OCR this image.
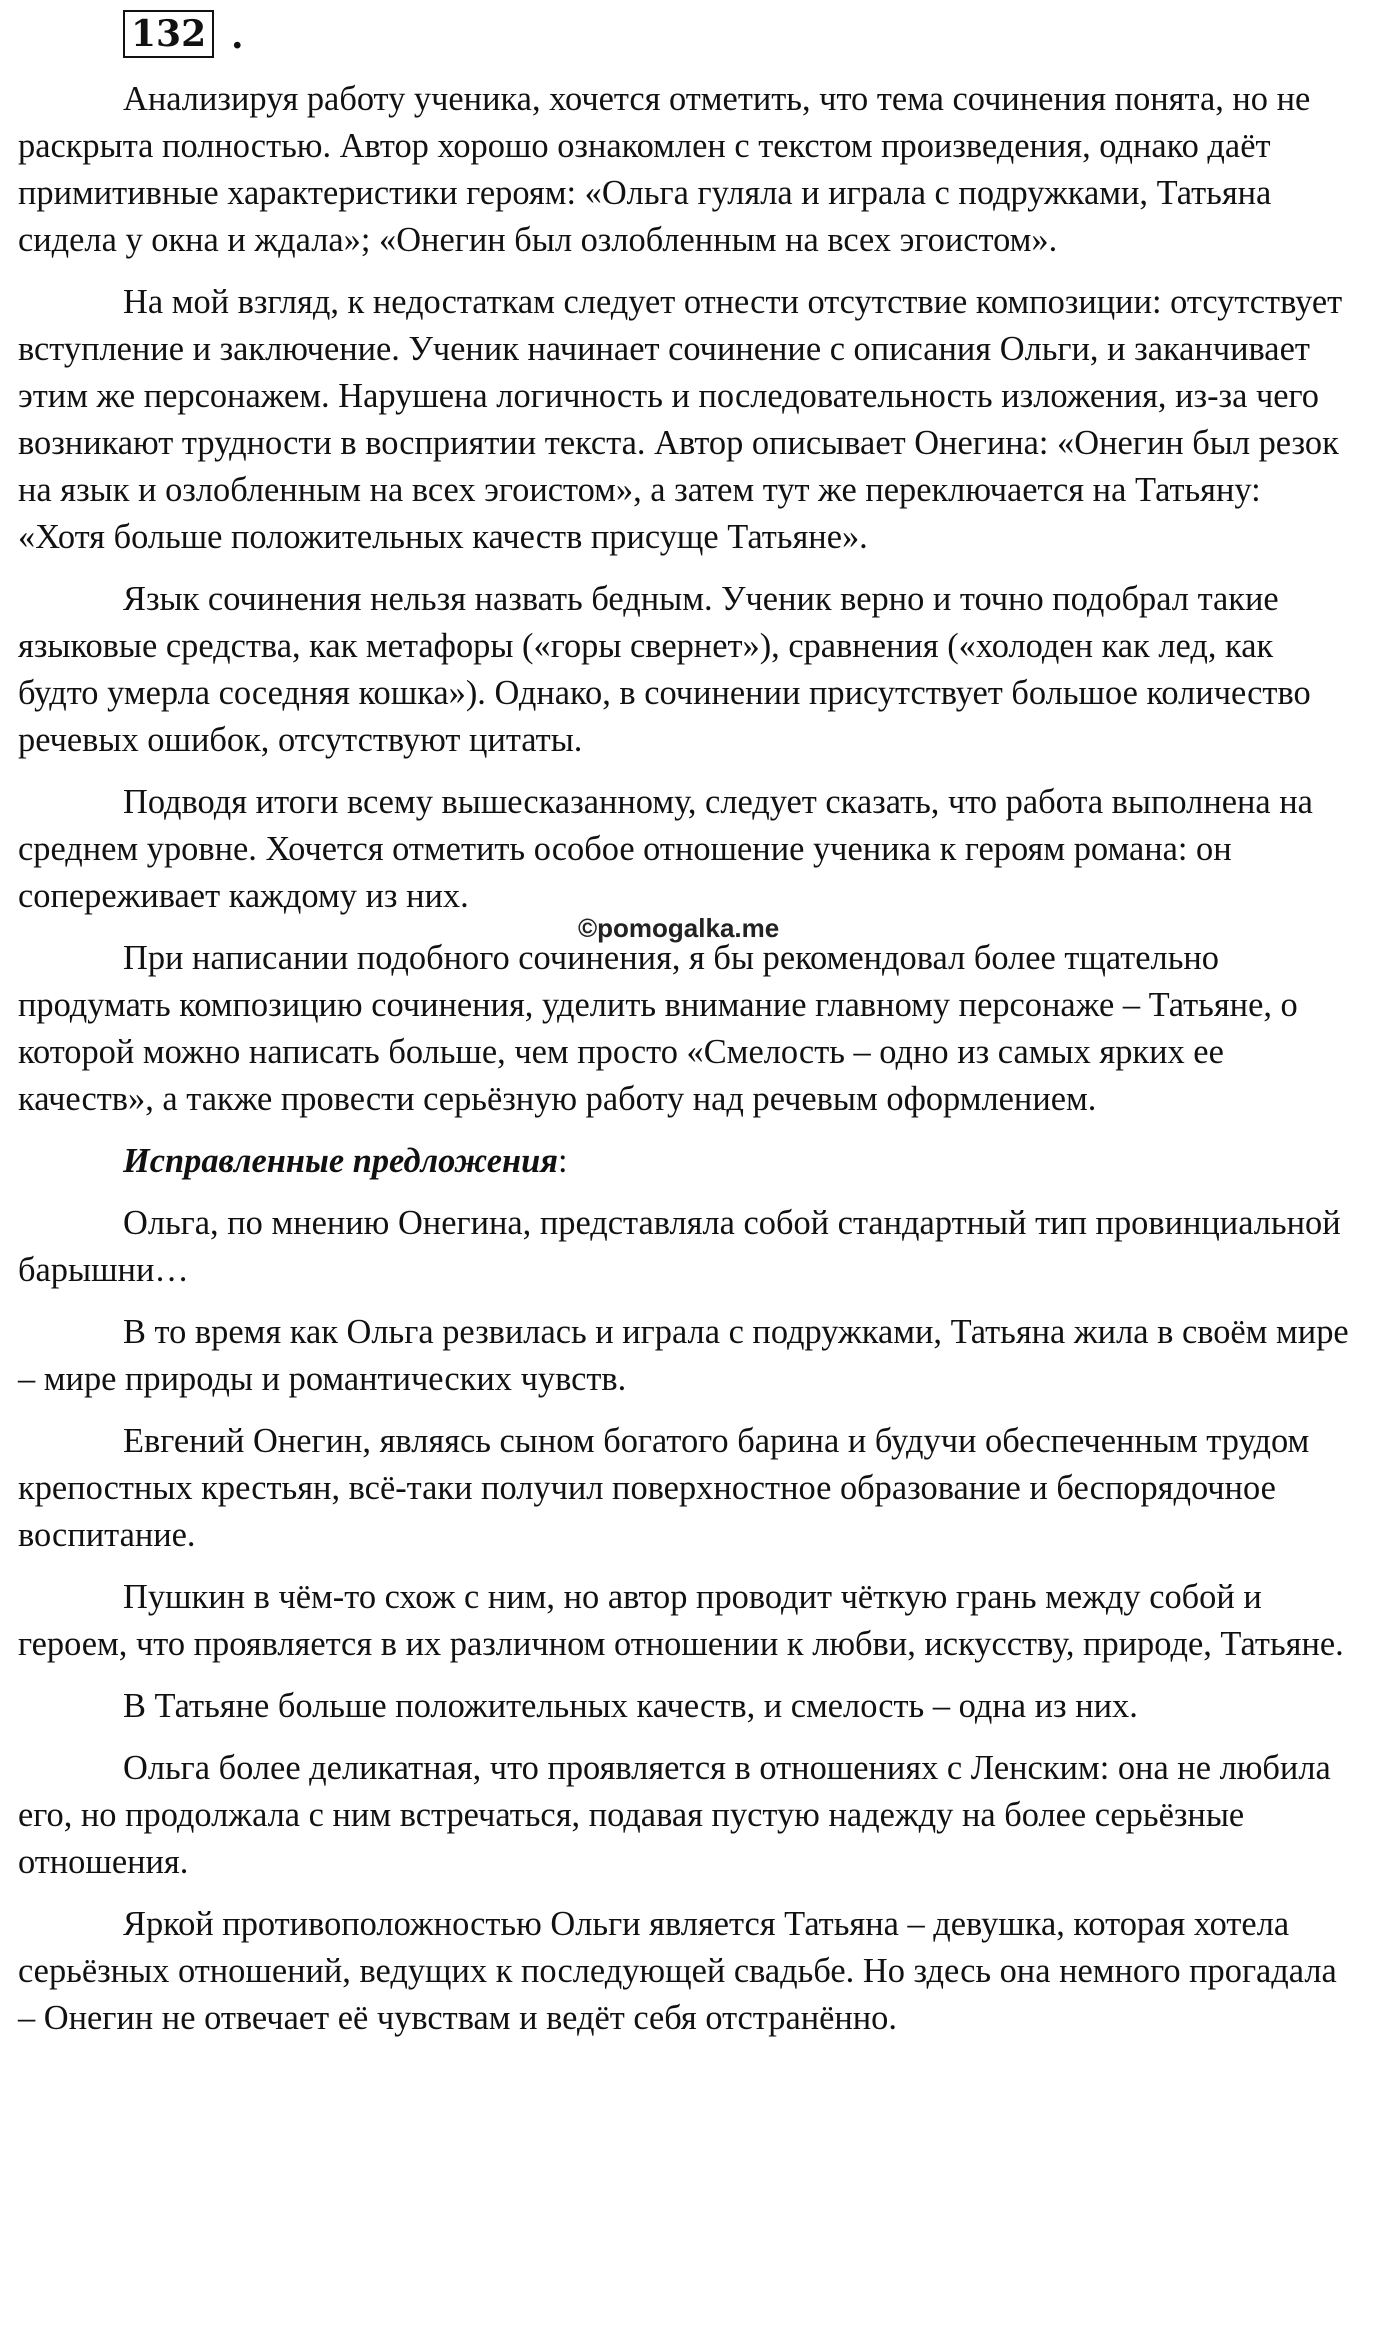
132 .

Анализируя работу ученика, хочется отметить, что тема сочинения понята, но не раскрыта полностью. Автор хорошо ознакомлен с текстом произведения, однако даёт примитивные характеристики героям: «Ольга гуляла и играла с подружками, Татьяна сидела у окна и ждала»; «Онегин был озлобленным на всех эгоистом».

На мой взгляд, к недостаткам следует отнести отсутствие композиции: отсутствует вступление и заключение. Ученик начинает сочинение с описания Ольги, и заканчивает этим же персонажем. Нарушена логичность и последовательность изложения, из-за чего возникают трудности в восприятии текста. Автор описывает Онегина: «Онегин был резок на язык и озлобленным на всех эгоистом», а затем тут же переключается на Татьяну: «Хотя больше положительных качеств присуще Татьяне».

Язык сочинения нельзя назвать бедным. Ученик верно и точно подобрал такие языковые средства, как метафоры («горы свернет»), сравнения («холоден как лед, как будто умерла соседняя кошка»). Однако, в сочинении присутствует большое количество речевых ошибок, отсутствуют цитаты.

Подводя итоги всему вышесказанному, следует сказать, что работа выполнена на среднем уровне. Хочется отметить особое отношение ученика к героям романа: он сопереживает каждому из них.

При написании подобного сочинения, я бы рекомендовал более тщательно продумать композицию сочинения, уделить внимание главному персонаже – Татьяне, о которой можно написать больше, чем просто «Смелость – одно из самых ярких ее качеств», а также провести серьёзную работу над речевым оформлением.

Исправленные предложения:

Ольга, по мнению Онегина, представляла собой стандартный тип провинциальной барышни…

В то время как Ольга резвилась и играла с подружками, Татьяна жила в своём мире – мире природы и романтических чувств.

Евгений Онегин, являясь сыном богатого барина и будучи обеспеченным трудом крепостных крестьян, всё-таки получил поверхностное образование и беспорядочное воспитание.

Пушкин в чём-то схож с ним, но автор проводит чёткую грань между собой и героем, что проявляется в их различном отношении к любви, искусству, природе, Татьяне.

В Татьяне больше положительных качеств, и смелость – одна из них.

Ольга более деликатная, что проявляется в отношениях с Ленским: она не любила его, но продолжала с ним встречаться, подавая пустую надежду на более серьёзные отношения.

Яркой противоположностью Ольги является Татьяна – девушка, которая хотела серьёзных отношений, ведущих к последующей свадьбе. Но здесь она немного прогадала – Онегин не отвечает её чувствам и ведёт себя отстранённо.

©pomogalka.me
